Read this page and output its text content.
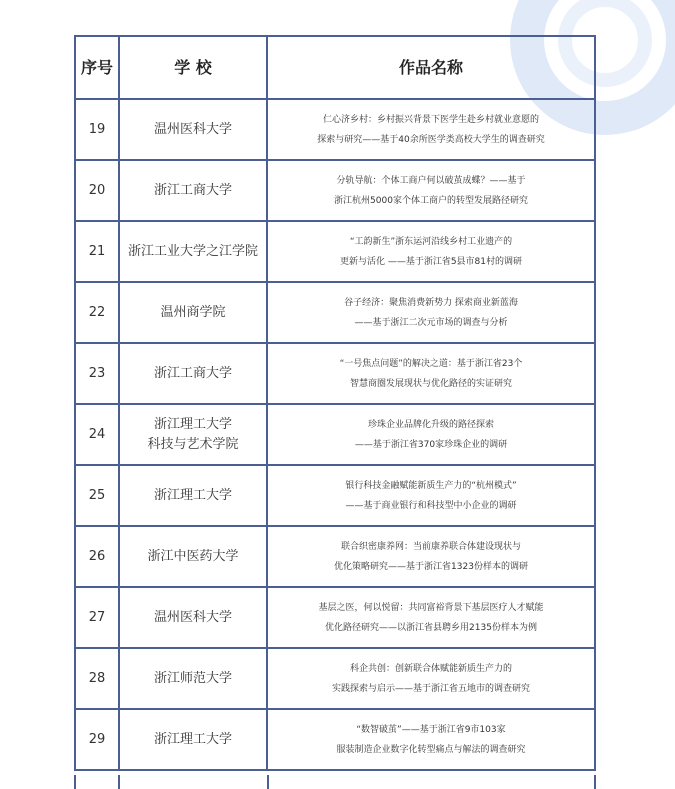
序号	学 校	作品名称
19	温州医科大学	仁心济乡村：乡村振兴背景下医学生赴乡村就业意愿的
探索与研究——基于40余所医学类高校大学生的调查研究

20	浙江工商大学	分轨导航：个体工商户何以破茧成蝶？——基于
浙江杭州5000家个体工商户的转型发展路径研究

21	浙江工业大学之江学院	“工韵新生”浙东运河沿线乡村工业遗产的
更新与活化 ——基于浙江省5县市81村的调研

22	温州商学院	谷子经济：聚焦消费新势力 探索商业新蓝海
——基于浙江二次元市场的调查与分析

23	浙江工商大学	“一号焦点问题”的解决之道：基于浙江省23个
智慧商圈发展现状与优化路径的实证研究

24	浙江理工大学
科技与艺术学院	珍珠企业品牌化升级的路径探索
——基于浙江省370家珍珠企业的调研

25	浙江理工大学	银行科技金融赋能新质生产力的“杭州模式”
——基于商业银行和科技型中小企业的调研

26	浙江中医药大学	联合织密康养网：当前康养联合体建设现状与
优化策略研究——基于浙江省1323份样本的调研

27	温州医科大学	基层之医，何以悦留：共同富裕背景下基层医疗人才赋能
优化路径研究——以浙江省县聘乡用2135份样本为例

28	浙江师范大学	科企共创：创新联合体赋能新质生产力的
实践探索与启示——基于浙江省五地市的调查研究

29	浙江理工大学	“数智破茧”——基于浙江省9市103家
服装制造企业数字化转型痛点与解法的调查研究
